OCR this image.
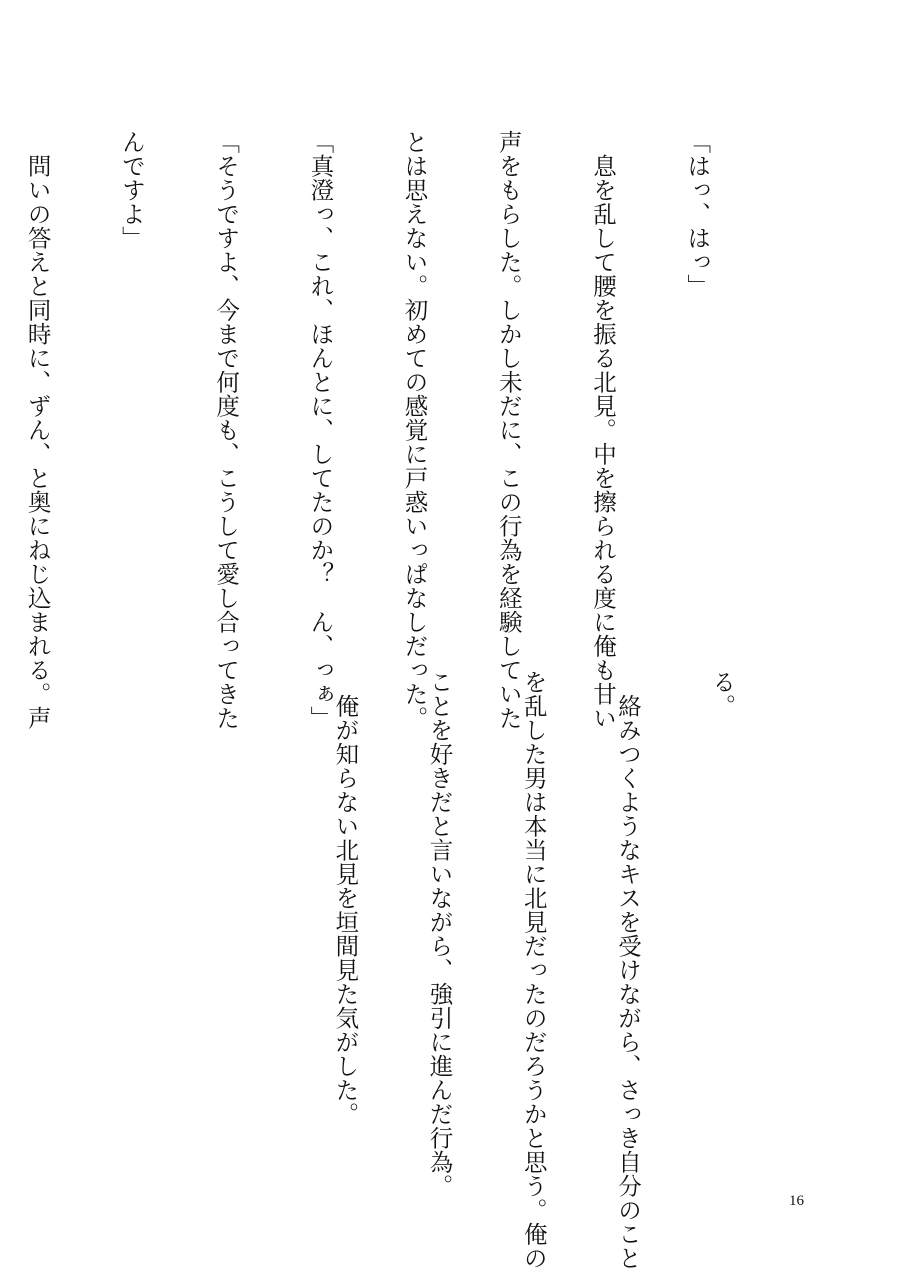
「はっ、はっ」

　息を乱して腰を振る北見。中を擦られる度に俺も甘い

声をもらした。しかし未だに、この行為を経験していた

とは思えない。初めての感覚に戸惑いっぱなしだった。

「真澄っ、これ、ほんとに、してたのか？　ん、っぁ」

「そうですよ、今まで何度も、こうして愛し合ってきた

んですよ」

　問いの答えと同時に、ずん、と奥にねじ込まれる。声

	る。

　絡みつくようなキスを受けながら、さっき自分のこと

を乱した男は本当に北見だったのだろうかと思う。俺の

ことを好きだと言いながら、強引に進んだ行為。

　俺が知らない北見を垣間見た気がした。

16
